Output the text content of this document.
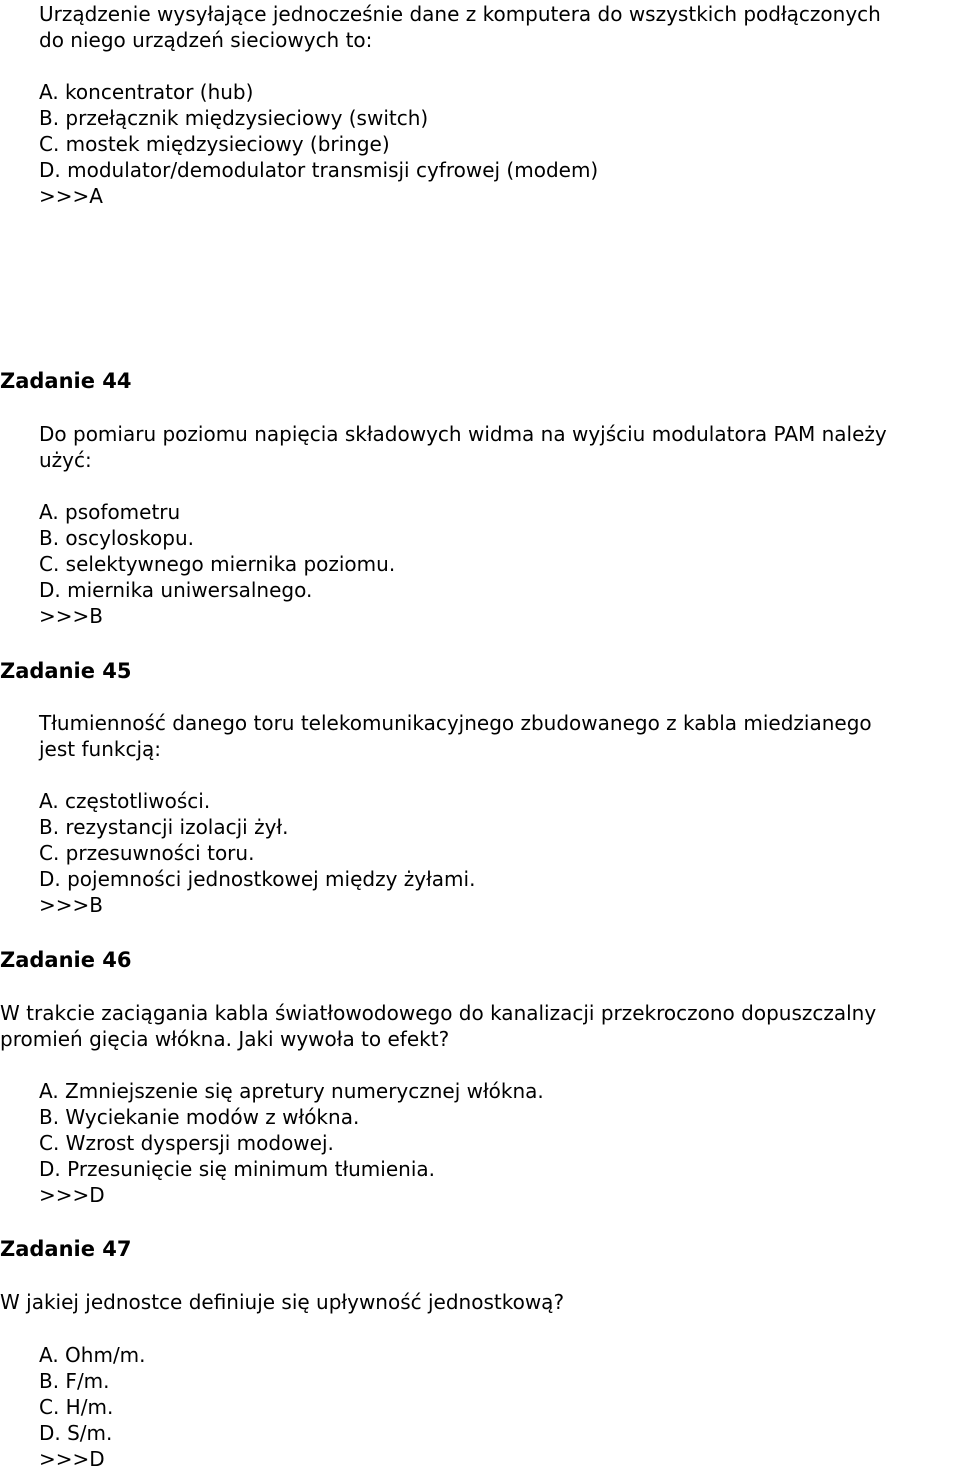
Urządzenie wysyłające jednocześnie dane z komputera do wszystkich podłączonych
do niego urządzeń sieciowych to:
A. koncentrator (hub)
B. przełącznik międzysieciowy (switch)
C. mostek międzysieciowy (bringe)
D. modulator/demodulator transmisji cyfrowej (modem)
>>>A
Zadanie 44
Do pomiaru poziomu napięcia składowych widma na wyjściu modulatora PAM należy
użyć:
A. psofometru
B. oscyloskopu.
C. selektywnego miernika poziomu.
D. miernika uniwersalnego.
>>>B
Zadanie 45
Tłumienność danego toru telekomunikacyjnego zbudowanego z kabla miedzianego
jest funkcją:
A. częstotliwości.
B. rezystancji izolacji żył.
C. przesuwności toru.
D. pojemności jednostkowej między żyłami.
>>>B
Zadanie 46
W trakcie zaciągania kabla światłowodowego do kanalizacji przekroczono dopuszczalny
promień gięcia włókna. Jaki wywoła to efekt?
A. Zmniejszenie się apretury numerycznej włókna.
B. Wyciekanie modów z włókna.
C. Wzrost dyspersji modowej.
D. Przesunięcie się minimum tłumienia.
>>>D
Zadanie 47
W jakiej jednostce definiuje się upływność jednostkową?
A. Ohm/m.
B. F/m.
C. H/m.
D. S/m.
>>>D
